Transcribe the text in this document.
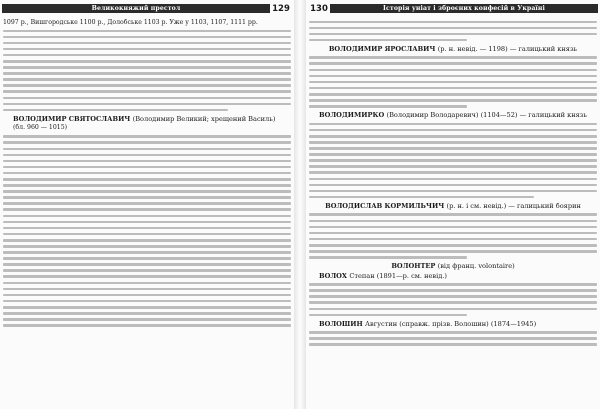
Великокняжий престол	129
1097 р., Вишгородське 1100 р., Долобське 1103 р. Уже у 1103, 1107, 1111 рр.
ВОЛОДИМИР СВЯТОСЛАВИЧ (Володимир Великий; хрещений Василь)
(бл. 960 — 1015)
130	Історія уніат і зброєних конфесій в Україні
ВОЛОДИМИР ЯРОСЛАВИЧ (р. н. невід. — 1198) — галицький князь
ВОЛОДИМИРКО (Володимир Володаревич) (1104—52) — галицький князь
ВОЛОДИСЛАВ КОРМИЛЬЧИЧ (р. н. і см. невід.) — галицький боярин
ВОЛОНТЕР (від франц. volontaire)
ВОЛОХ Степан (1891—р. см. невід.)
ВОЛОШИН Августин (справж. прізв. Волошин) (1874—1945)
